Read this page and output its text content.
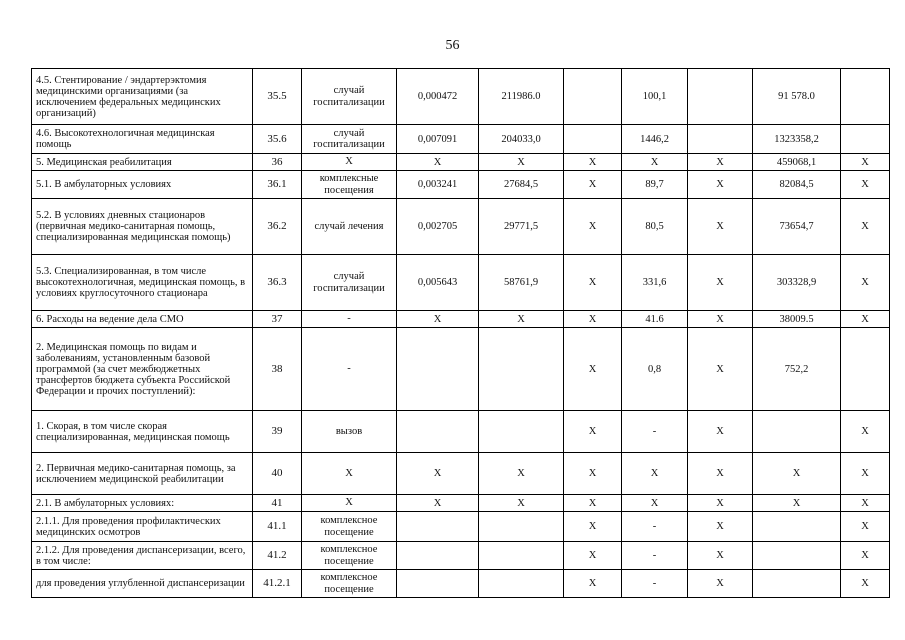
56
4.5. Стентирование / эндартерэктомия медицинскими организациями (за исключением федеральных медицинских организаций)	35.5	случай госпитализации	0,000472	211986.0		100,1		91 578.0	
4.6. Высокотехнологичная медицинская помощь	35.6	случай госпитализации	0,007091	204033,0		1446,2		1323358,2	
5. Медицинская реабилитация	36	X	X	X	X	X	X	459068,1	X
5.1. В амбулаторных условиях	36.1	комплексные посещения	0,003241	27684,5	X	89,7	X	82084,5	X
5.2. В условиях дневных стационаров (первичная медико-санитарная помощь, специализированная медицинская помощь)	36.2	случай лечения	0,002705	29771,5	X	80,5	X	73654,7	X
5.3. Специализированная, в том числе высокотехнологичная, медицинская помощь, в условиях круглосуточного стационара	36.3	случай госпитализации	0,005643	58761,9	X	331,6	X	303328,9	X
6. Расходы на ведение дела СМО	37	-	X	X	X	41.6	X	38009.5	X
2. Медицинская помощь по видам и заболеваниям, установленным базовой программой (за счет межбюджетных трансфертов бюджета субъекта Российской Федерации и прочих поступлений):	38	-			X	0,8	X	752,2	
1. Скорая, в том числе скорая специализированная, медицинская помощь	39	вызов			X	-	X		X
2. Первичная медико-санитарная помощь, за исключением медицинской реабилитации	40	X	X	X	X	X	X	X	X
2.1. В амбулаторных условиях:	41	X	X	X	X	X	X	X	X
2.1.1. Для проведения профилактических медицинских осмотров	41.1	комплексное посещение			X	-	X		X
2.1.2. Для проведения диспансеризации, всего, в том числе:	41.2	комплексное посещение			X	-	X		X
для проведения углубленной диспансеризации	41.2.1	комплексное посещение			X	-	X		X
